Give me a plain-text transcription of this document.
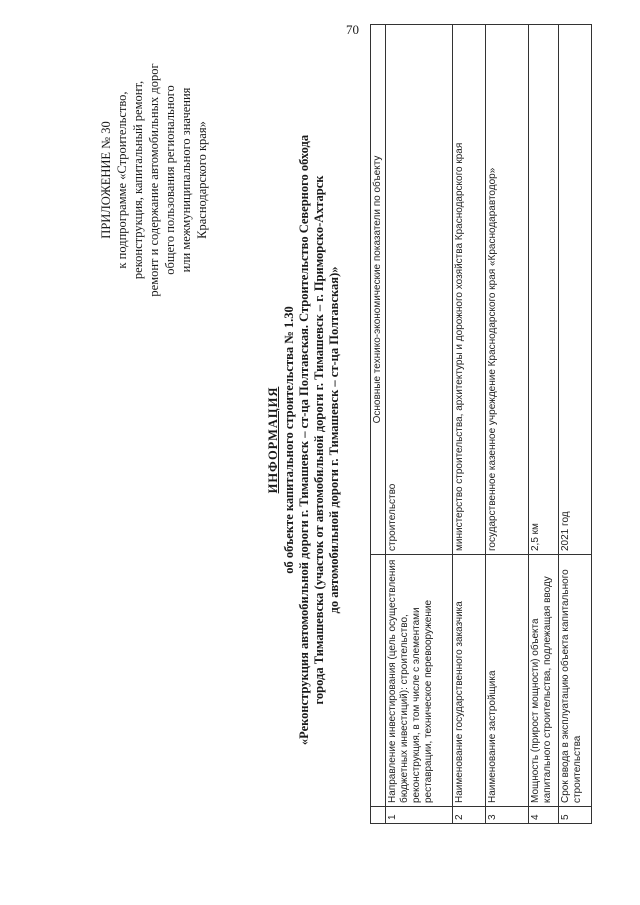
70
ПРИЛОЖЕНИЕ № 30 к подпрограмме «Строительство, реконструкция, капитальный ремонт, ремонт и содержание автомобильных дорог общего пользования регионального или межмуниципального значения Краснодарского края»
ИНФОРМАЦИЯ об объекте капитального строительства № 1.30 «Реконструкция автомобильной дороги г. Тимашевск – ст-ца Полтавская. Строительство Северного обхода города Тимашевска (участок от автомобильной дороги г. Тимашевск – г. Приморско-Ахтарск до автомобильной дороги г. Тимашевск – ст-ца Полтавская)»
			Основные технико-экономические показатели по объекту
1	Направление инвестирования (цель осуществления бюджетных инвестиций): строительство, реконструкция, в том числе с элементами реставрации, техническое перевооружение	строительство
2	Наименование государственного заказчика	министерство строительства, архитектуры и дорожного хозяйства Краснодарского края
3	Наименование застройщика	государственное казенное учреждение Краснодарского края «Краснодаравтодор»
4	Мощность (прирост мощности) объекта капитального строительства, подлежащая вводу	2,5 км
5	Срок ввода в эксплуатацию объекта капитального строительства	2021 год
